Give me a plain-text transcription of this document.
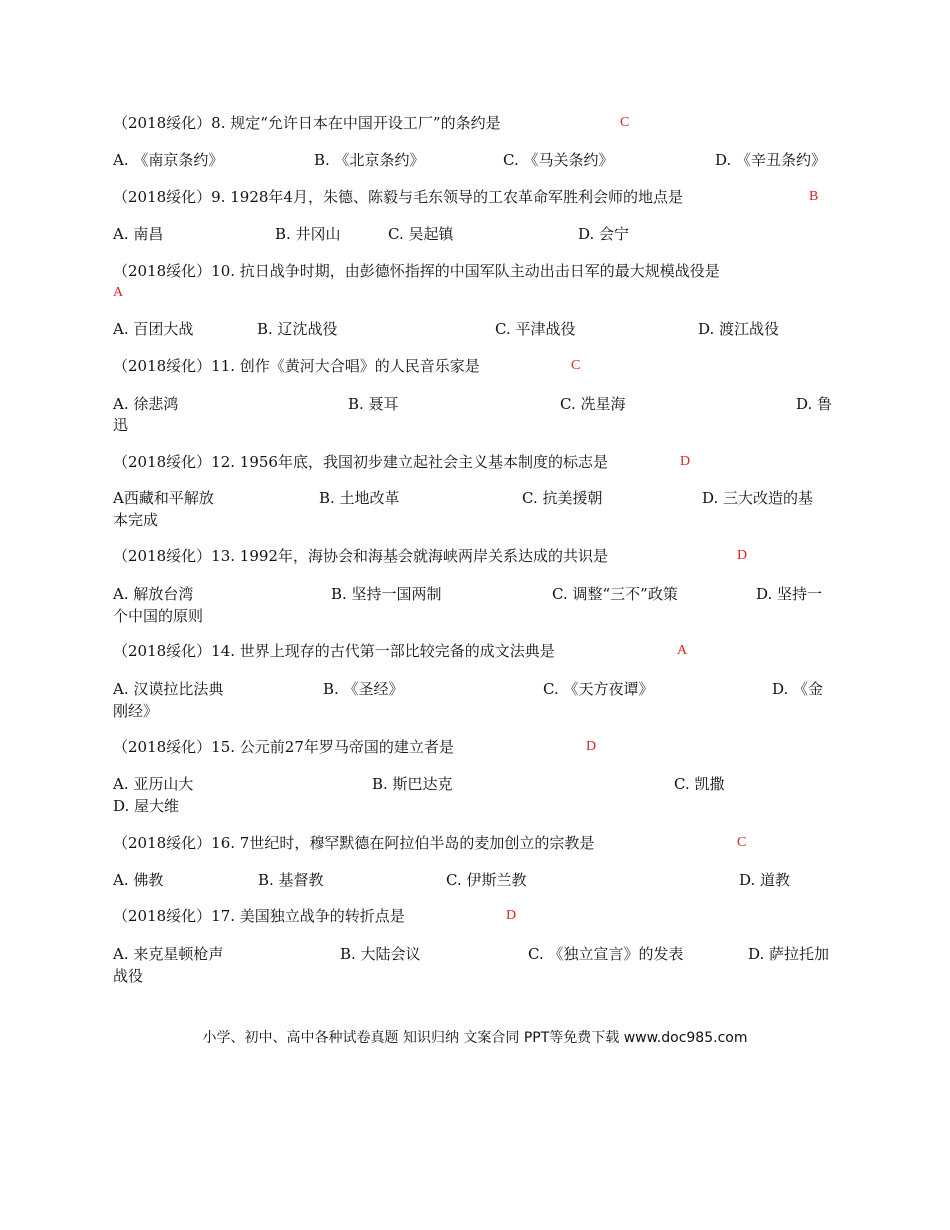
（2018绥化）8. 规定“允许日本在中国开设工厂”的条约是	C
A. 《南京条约》	B. 《北京条约》	C. 《马关条约》	D. 《辛丑条约》

（2018绥化）9. 1928年4月，朱德、陈毅与毛东领导的工农革命军胜利会师的地点是	B
A. 南昌	B. 井冈山	C. 吴起镇	D. 会宁

（2018绥化）10. 抗日战争时期，由彭德怀指挥的中国军队主动出击日军的最大规模战役是

A
A. 百团大战	B. 辽沈战役	C. 平津战役	D. 渡江战役

（2018绥化）11. 创作《黄河大合唱》的人民音乐家是	C
A. 徐悲鸿	B. 聂耳	C. 冼星海	D. 鲁
迅

（2018绥化）12. 1956年底，我国初步建立起社会主义基本制度的标志是	D
A西藏和平解放	B. 土地改革	C. 抗美援朝	D. 三大改造的基
本完成

（2018绥化）13. 1992年，海协会和海基会就海峡两岸关系达成的共识是	D
A. 解放台湾	B. 坚持一国两制	C. 调整“三不”政策	D. 坚持一
个中国的原则

（2018绥化）14. 世界上现存的古代第一部比较完备的成文法典是	A
A. 汉谟拉比法典	B. 《圣经》	C. 《天方夜谭》	D. 《金
刚经》

（2018绥化）15. 公元前27年罗马帝国的建立者是	D
A. 亚历山大	B. 斯巴达克	C. 凯撒
D. 屋大维

（2018绥化）16. 7世纪时，穆罕默德在阿拉伯半岛的麦加创立的宗教是	C
A. 佛教	B. 基督教	C. 伊斯兰教	D. 道教

（2018绥化）17. 美国独立战争的转折点是	D
A. 来克星顿枪声	B. 大陆会议	C. 《独立宣言》的发表	D. 萨拉托加
战役
小学、初中、高中各种试卷真题 知识归纳 文案合同 PPT等免费下载 www.doc985.com
